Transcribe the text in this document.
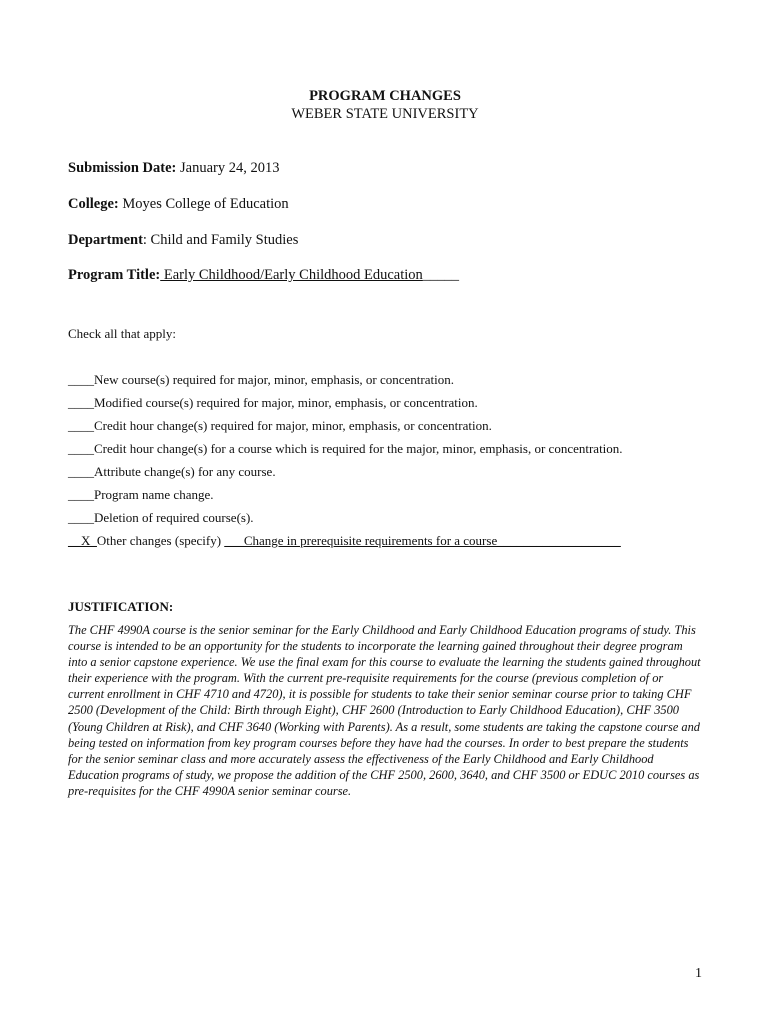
PROGRAM CHANGES
WEBER STATE UNIVERSITY
Submission Date: January 24, 2013
College: Moyes College of Education
Department: Child and Family Studies
Program Title: Early Childhood/Early Childhood Education_____
Check all that apply:
____New course(s) required for major, minor, emphasis, or concentration.
____Modified course(s) required for major, minor, emphasis, or concentration.
____Credit hour change(s) required for major, minor, emphasis, or concentration.
____Credit hour change(s) for a course which is required for the major, minor, emphasis, or concentration.
____Attribute change(s) for any course.
____Program name change.
____Deletion of required course(s).
__X_Other changes (specify) ___Change in prerequisite requirements for a course___________________
JUSTIFICATION:
The CHF 4990A course is the senior seminar for the Early Childhood and Early Childhood Education programs of study. This course is intended to be an opportunity for the students to incorporate the learning gained throughout their degree program into a senior capstone experience. We use the final exam for this course to evaluate the learning the students gained throughout their experience with the program. With the current pre-requisite requirements for the course (previous completion of or current enrollment in CHF 4710 and 4720), it is possible for students to take their senior seminar course prior to taking CHF 2500 (Development of the Child: Birth through Eight), CHF 2600 (Introduction to Early Childhood Education), CHF 3500 (Young Children at Risk), and CHF 3640 (Working with Parents). As a result, some students are taking the capstone course and being tested on information from key program courses before they have had the courses. In order to best prepare the students for the senior seminar class and more accurately assess the effectiveness of the Early Childhood and Early Childhood Education programs of study, we propose the addition of the CHF 2500, 2600, 3640, and CHF 3500 or EDUC 2010 courses as pre-requisites for the CHF 4990A senior seminar course.
1
